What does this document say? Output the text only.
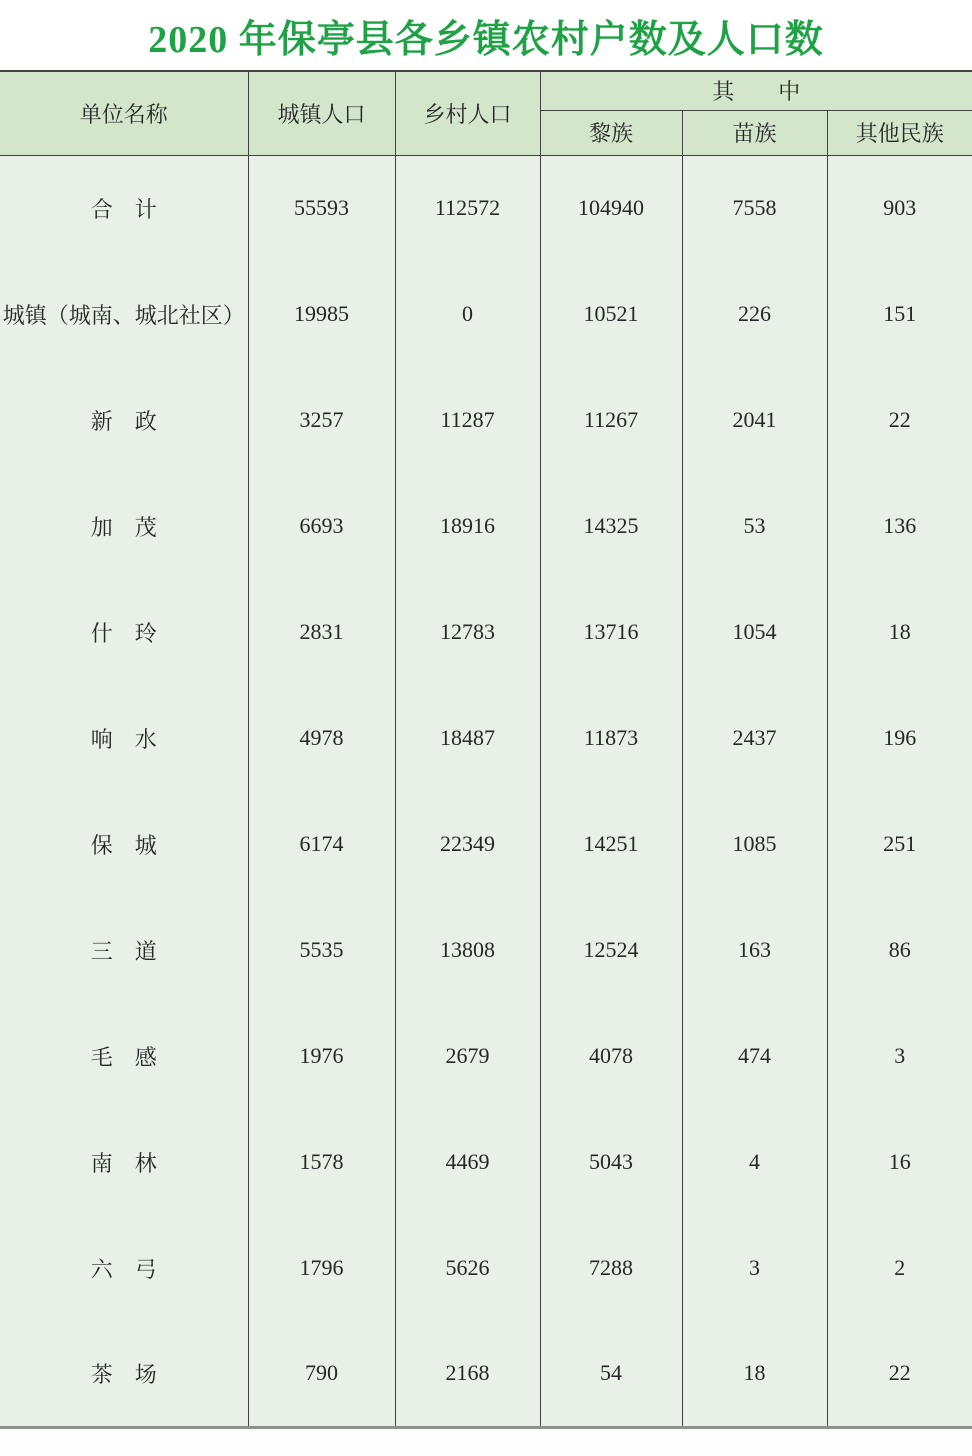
2020 年保亭县各乡镇农村户数及人口数
单位名称	城镇人口	乡村人口	其　　中		
			黎族	苗族	其他民族
合　计	55593	112572	104940	7558	903
城镇（城南、城北社区）	19985	0	10521	226	151
新　政	3257	11287	11267	2041	22
加　茂	6693	18916	14325	53	136
什　玲	2831	12783	13716	1054	18
响　水	4978	18487	11873	2437	196
保　城	6174	22349	14251	1085	251
三　道	5535	13808	12524	163	86
毛　感	1976	2679	4078	474	3
南　林	1578	4469	5043	4	16
六　弓	1796	5626	7288	3	2
茶　场	790	2168	54	18	22
